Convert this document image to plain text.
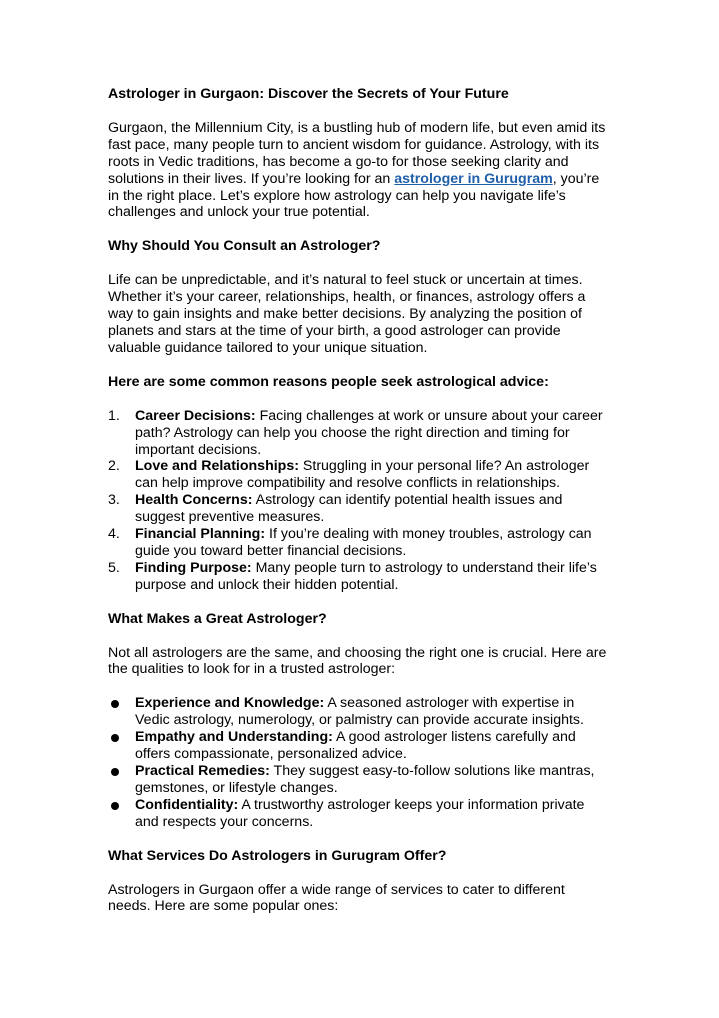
Astrologer in Gurgaon: Discover the Secrets of Your Future

Gurgaon, the Millennium City, is a bustling hub of modern life, but even amid its fast pace, many people turn to ancient wisdom for guidance. Astrology, with its roots in Vedic traditions, has become a go-to for those seeking clarity and solutions in their lives. If you’re looking for an astrologer in Gurugram, you’re in the right place. Let’s explore how astrology can help you navigate life’s challenges and unlock your true potential.

Why Should You Consult an Astrologer?

Life can be unpredictable, and it’s natural to feel stuck or uncertain at times. Whether it’s your career, relationships, health, or finances, astrology offers a way to gain insights and make better decisions. By analyzing the position of planets and stars at the time of your birth, a good astrologer can provide valuable guidance tailored to your unique situation.

Here are some common reasons people seek astrological advice:
1. Career Decisions: Facing challenges at work or unsure about your career path? Astrology can help you choose the right direction and timing for important decisions.
2. Love and Relationships: Struggling in your personal life? An astrologer can help improve compatibility and resolve conflicts in relationships.
3. Health Concerns: Astrology can identify potential health issues and suggest preventive measures.
4. Financial Planning: If you’re dealing with money troubles, astrology can guide you toward better financial decisions.
5. Finding Purpose: Many people turn to astrology to understand their life’s purpose and unlock their hidden potential.
What Makes a Great Astrologer?

Not all astrologers are the same, and choosing the right one is crucial. Here are the qualities to look for in a trusted astrologer:

Experience and Knowledge: A seasoned astrologer with expertise in Vedic astrology, numerology, or palmistry can provide accurate insights.
Empathy and Understanding: A good astrologer listens carefully and offers compassionate, personalized advice.
Practical Remedies: They suggest easy-to-follow solutions like mantras, gemstones, or lifestyle changes.
Confidentiality: A trustworthy astrologer keeps your information private and respects your concerns.
What Services Do Astrologers in Gurugram Offer?

Astrologers in Gurgaon offer a wide range of services to cater to different needs. Here are some popular ones:
